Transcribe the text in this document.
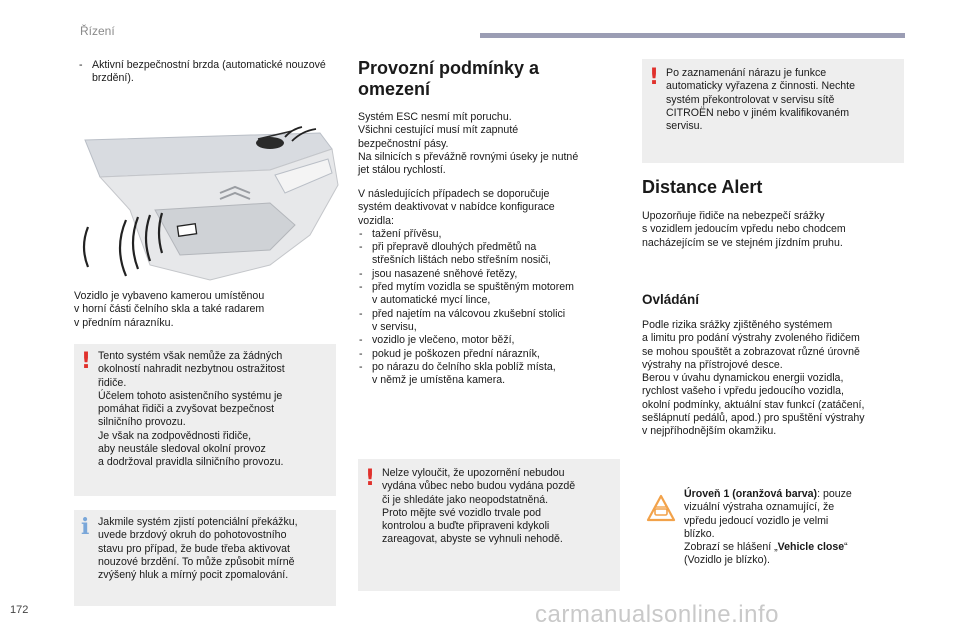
Řízení
- Aktivní bezpečnostní brzda (automatické nouzové brzdění).

Vozidlo je vybaveno kamerou umístěnou

v horní části čelního skla a také radarem

v předním nárazníku.

! Tento systém však nemůže za žádných

okolností nahradit nezbytnou ostražitost

řidiče.

Účelem tohoto asistenčního systému je

pomáhat řidiči a zvyšovat bezpečnost

silničního provozu.

Je však na zodpovědnosti řidiče,

aby neustále sledoval okolní provoz

a dodržoval pravidla silničního provozu.

i Jakmile systém zjistí potenciální překážku,

uvede brzdový okruh do pohotovostního

stavu pro případ, že bude třeba aktivovat

nouzové brzdění. To může způsobit mírně

zvýšený hluk a mírný pocit zpomalování.

Provozní podmínky a

omezení

Systém ESC nesmí mít poruchu.

Všichni cestující musí mít zapnuté

bezpečnostní pásy.

Na silnicích s převážně rovnými úseky je nutné

jet stálou rychlostí.

V následujících případech se doporučuje

systém deaktivovat v nabídce konfigurace

vozidla:

- tažení přívěsu,
- při přepravě dlouhých předmětů na
střešních lištách nebo střešním nosiči,
- jsou nasazené sněhové řetězy,
- před mytím vozidla se spuštěným motorem
v automatické mycí lince,
- před najetím na válcovou zkušební stolici
v servisu,
- vozidlo je vlečeno, motor běží,
- pokud je poškozen přední nárazník,
- po nárazu do čelního skla poblíž místa,
v němž je umístěna kamera.
! Nelze vyloučit, že upozornění nebudou

vydána vůbec nebo budou vydána pozdě

či je shledáte jako neopodstatněná.

Proto mějte své vozidlo trvale pod

kontrolou a buďte připraveni kdykoli

zareagovat, abyste se vyhnuli nehodě.

! Po zaznamenání nárazu je funkce

automaticky vyřazena z činnosti. Nechte

systém překontrolovat v servisu sítě

CITROËN nebo v jiném kvalifikovaném

servisu.

Distance Alert

Upozorňuje řidiče na nebezpečí srážky

s vozidlem jedoucím vpředu nebo chodcem

nacházejícím se ve stejném jízdním pruhu.

Ovládání

Podle rizika srážky zjištěného systémem

a limitu pro podání výstrahy zvoleného řidičem

se mohou spouštět a zobrazovat různé úrovně

výstrahy na přístrojové desce.

Berou v úvahu dynamickou energii vozidla,

rychlost vašeho i vpředu jedoucího vozidla,

okolní podmínky, aktuální stav funkcí (zatáčení,

sešlápnutí pedálů, apod.) pro spuštění výstrahy

v nejpříhodnějším okamžiku.

Úroveň 1 (oranžová barva): pouze

vizuální výstraha oznamující, že

vpředu jedoucí vozidlo je velmi

blízko.

Zobrazí se hlášení „Vehicle close“

(Vozidlo je blízko).

172	carmanualsonline.info
